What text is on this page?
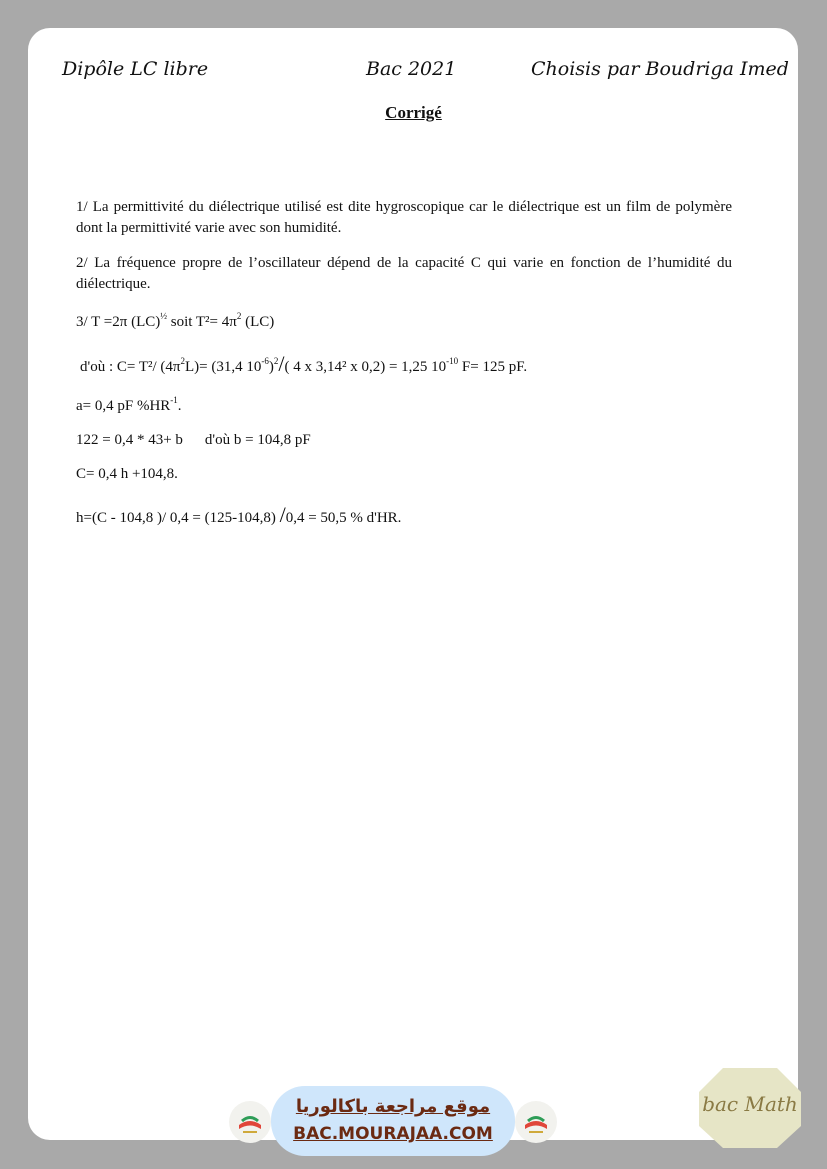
Dipôle LC libre	Bac 2021	Choisis par Boudriga Imed
Corrigé
1/ La permittivité du diélectrique utilisé est dite hygroscopique car le diélectrique est un film de polymère dont la permittivité varie avec son humidité.
2/ La fréquence propre de l’oscillateur dépend de la capacité C qui varie en fonction de l’humidité du diélectrique.
3/ T =2π (LC)$^{\frac{1}{2}}$ soit $T^2= 4\pi^2$ (LC)
d'où : C= T²/ $(4\pi^2L)= (31,4$ $10^{-6})^2/$( 4 x 3,14² x 0,2) = 1,25 $10^{-10}$ F= 125 pF.
a= 0,4 pF $\%HR^{-1}$.
122 = 0,4 * 43+ b d'où b = 104,8 pF
C= 0,4 h +104,8.
h=(C - 104,8 )/ 0,4 = (125-104,8) /0,4 = 50,5 % d'HR.
موقع مراجعة باكالوريا
BAC.MOURAJAA.COM
bac Math
